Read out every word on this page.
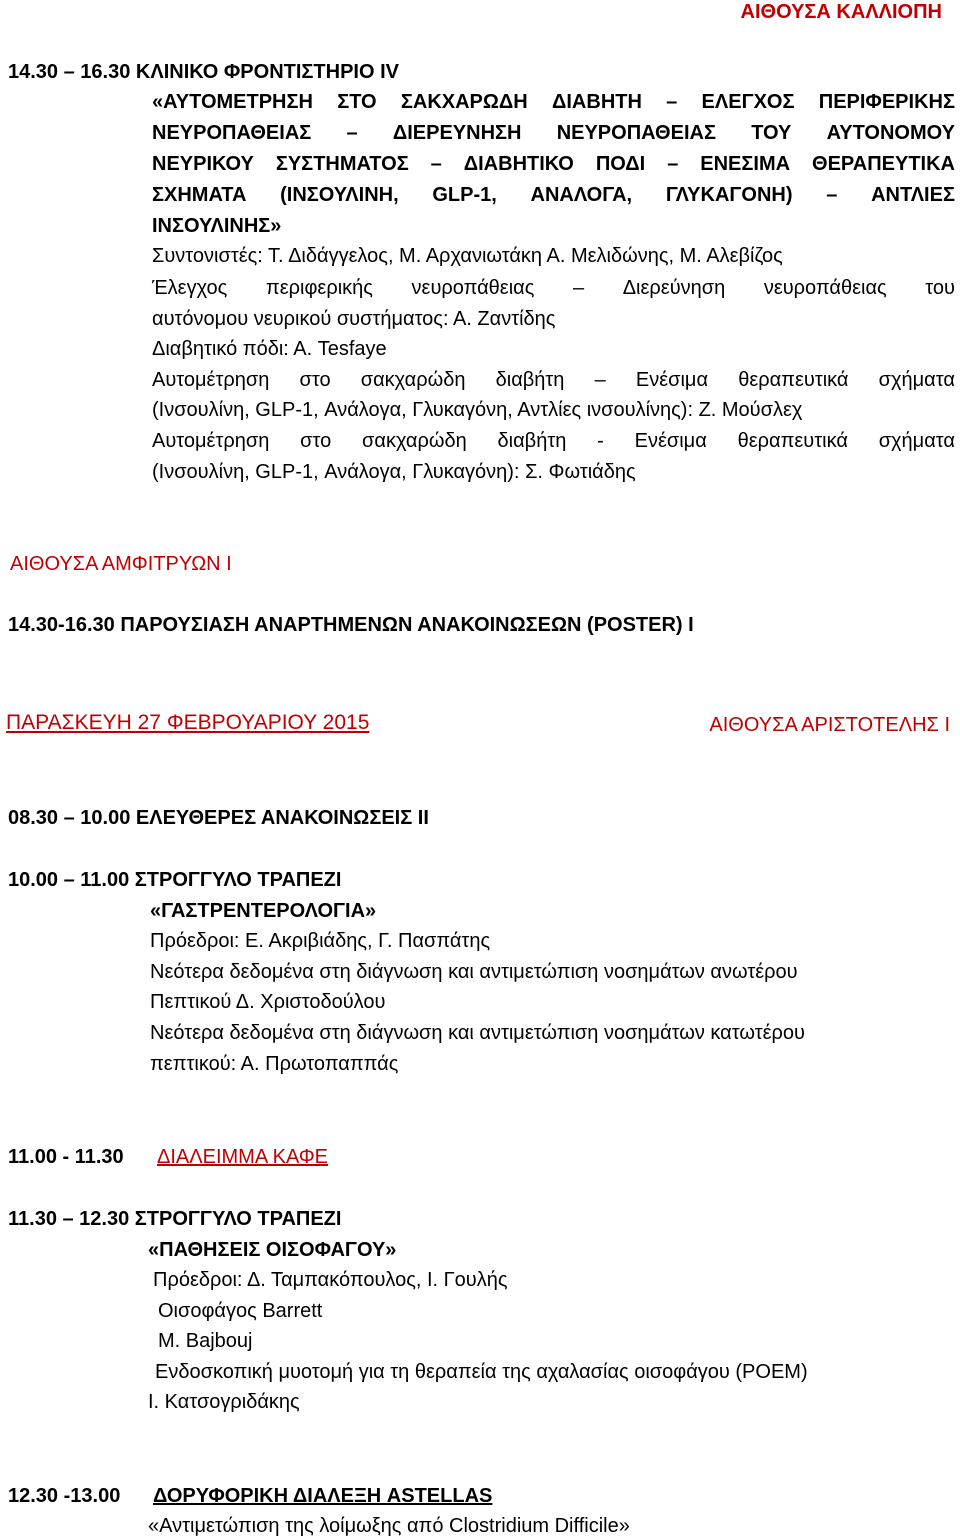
ΑΙΘΟΥΣΑ ΚΑΛΛΙΟΠΗ
14.30 – 16.30 ΚΛΙΝΙΚΟ ΦΡΟΝΤΙΣΤΗΡΙΟ IV
«ΑΥΤΟΜΕΤΡΗΣΗ ΣΤΟ ΣΑΚΧΑΡΩΔΗ ΔΙΑΒΗΤΗ – ΕΛΕΓΧΟΣ ΠΕΡΙΦΕΡΙΚΗΣ
ΝΕΥΡΟΠΑΘΕΙΑΣ – ΔΙΕΡΕΥΝΗΣΗ ΝΕΥΡΟΠΑΘΕΙΑΣ ΤΟΥ ΑΥΤΟΝΟΜΟΥ
ΝΕΥΡΙΚΟΥ ΣΥΣΤΗΜΑΤΟΣ – ΔΙΑΒΗΤΙΚΟ ΠΟΔΙ – ΕΝΕΣΙΜΑ ΘΕΡΑΠΕΥΤΙΚΑ
ΣΧΗΜΑΤΑ (ΙΝΣΟΥΛΙΝΗ, GLP-1, ΑΝΑΛΟΓΑ, ΓΛΥΚΑΓΟΝΗ) – ΑΝΤΛΙΕΣ
ΙΝΣΟΥΛΙΝΗΣ»
Συντονιστές: Τ. Διδάγγελος, Μ. Αρχανιωτάκη Α. Μελιδώνης, Μ. Αλεβίζος
Έλεγχος περιφερικής νευροπάθειας – Διερεύνηση νευροπάθειας του
αυτόνομου νευρικού συστήματος: Α. Ζαντίδης
Διαβητικό πόδι: Α. Tesfaye
Αυτομέτρηση στο σακχαρώδη διαβήτη – Ενέσιμα θεραπευτικά σχήματα
(Ινσουλίνη, GLP-1, Ανάλογα, Γλυκαγόνη, Αντλίες ινσουλίνης): Ζ. Μούσλεχ
Αυτομέτρηση στο σακχαρώδη διαβήτη - Ενέσιμα θεραπευτικά σχήματα
(Ινσουλίνη, GLP-1, Ανάλογα, Γλυκαγόνη): Σ. Φωτιάδης
ΑΙΘΟΥΣΑ ΑΜΦΙΤΡΥΩΝ Ι
14.30-16.30 ΠΑΡΟΥΣΙΑΣΗ ΑΝΑΡΤΗΜΕΝΩΝ ΑΝΑΚΟΙΝΩΣΕΩΝ (POSTER) Ι
ΠΑΡΑΣΚΕΥΗ 27 ΦΕΒΡΟΥΑΡΙΟΥ 2015	ΑΙΘΟΥΣΑ ΑΡΙΣΤΟΤΕΛΗΣ Ι
08.30 – 10.00 ΕΛΕΥΘΕΡΕΣ ΑΝΑΚΟΙΝΩΣΕΙΣ ΙΙ
10.00 – 11.00 ΣΤΡΟΓΓΥΛΟ ΤΡΑΠΕΖΙ
«ΓΑΣΤΡΕΝΤΕΡΟΛΟΓΙΑ»
Πρόεδροι: Ε. Ακριβιάδης, Γ. Πασπάτης
Νεότερα δεδομένα στη διάγνωση και αντιμετώπιση νοσημάτων ανωτέρου
Πεπτικού Δ. Χριστοδούλου
Νεότερα δεδομένα στη διάγνωση και αντιμετώπιση νοσημάτων κατωτέρου
πεπτικού: Α. Πρωτοπαππάς
11.00 - 11.30 ΔΙΑΛΕΙΜΜΑ ΚΑΦΕ
11.30 – 12.30 ΣΤΡΟΓΓΥΛΟ ΤΡΑΠΕΖΙ
«ΠΑΘΗΣΕΙΣ ΟΙΣΟΦΑΓΟΥ»
Πρόεδροι: Δ. Ταμπακόπουλος, Ι. Γουλής
Οισοφάγος Barrett
M. Bajbouj
Ενδοσκοπική μυοτομή για τη θεραπεία της αχαλασίας οισοφάγου (POEM)
Ι. Κατσογριδάκης
12.30 -13.00 ΔΟΡΥΦΟΡΙΚΗ ΔΙΑΛΕΞΗ ASTELLAS
«Αντιμετώπιση της λοίμωξης από Clostridium Difficile»
